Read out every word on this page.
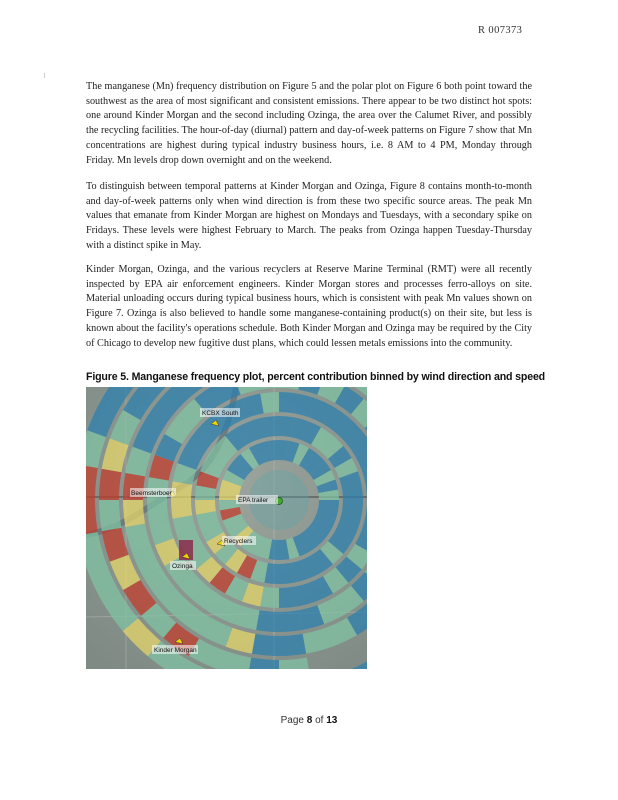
R 007373

The manganese (Mn) frequency distribution on Figure 5 and the polar plot on Figure 6 both point toward the southwest as the area of most significant and consistent emissions. There appear to be two distinct hot spots: one around Kinder Morgan and the second including Ozinga, the area over the Calumet River, and possibly the recycling facilities. The hour-of-day (diurnal) pattern and day-of-week patterns on Figure 7 show that Mn concentrations are highest during typical industry business hours, i.e. 8 AM to 4 PM, Monday through Friday. Mn levels drop down overnight and on the weekend.

To distinguish between temporal patterns at Kinder Morgan and Ozinga, Figure 8 contains month-to-month and day-of-week patterns only when wind direction is from these two specific source areas. The peak Mn values that emanate from Kinder Morgan are highest on Mondays and Tuesdays, with a secondary spike on Fridays. These levels were highest February to March. The peaks from Ozinga happen Tuesday-Thursday with a distinct spike in May.

Kinder Morgan, Ozinga, and the various recyclers at Reserve Marine Terminal (RMT) were all recently inspected by EPA air enforcement engineers. Kinder Morgan stores and processes ferro-alloys on site. Material unloading occurs during typical business hours, which is consistent with peak Mn values shown on Figure 7. Ozinga is also believed to handle some manganese-containing product(s) on their site, but less is known about the facility's operations schedule. Both Kinder Morgan and Ozinga may be required by the City of Chicago to develop new fugitive dust plans, which could lessen metals emissions into the community.

Figure 5. Manganese frequency plot, percent contribution binned by wind direction and speed

KCBX South
Beemsterboer
EPA trailer
Recyclers
Ozinga
Kinder Morgan
Page 8 of 13
